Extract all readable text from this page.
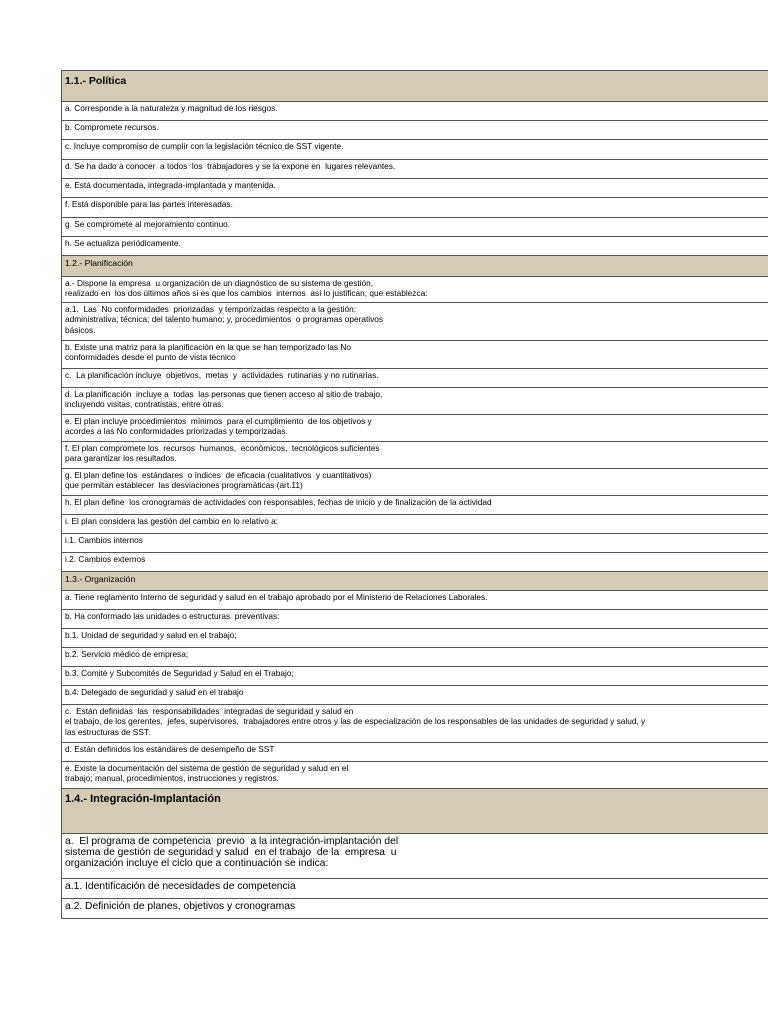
1.1.- Política
a. Corresponde a la naturaleza y magnitud de los riesgos.
b. Compromete recursos.
c. Incluye compromiso de cumplir con la legislación técnico de SST vigente.
d. Se ha dado a conocer  a todos  los  trabajadores y se la expone en  lugares relevantes.
e. Está documentada, integrada-implantada y mantenida.
f. Está disponible para las partes interesadas.
g. Se compromete al mejoramiento continuo.
h. Se actualiza periódicamente.
1.2.- Planificación
a.- Dispone la empresa  u organización de un diagnóstico de su sistema de gestión,
realizado en  los dos últimos años si es que los cambios  internos  así lo justifican, que establezca:
a.1.  Las  No conformidades  priorizadas  y temporizadas respecto a la gestión:
administrativa; técnica; del talento humano; y, procedimientos  o programas operativos
básicos.
b. Existe una matriz para la planificación en la que se han temporizado las No
conformidades desde el punto de vista técnico
c.  La planificación incluye  objetivos,  metas  y  actividades  rutinarias y no rutinarias.
d. La planificación  incluye a  todas  las personas que tienen acceso al sitio de trabajo,
incluyendo visitas, contratistas, entre otras.
e. El plan incluye procedimientos  mínimos  para el cumplimiento  de los objetivos y
acordes a las No conformidades priorizadas y temporizadas.
f. El plan compromete los  recursos  humanos,  económicos,  tecnológicos suficientes
para garantizar los resultados.
g. El plan define los  estándares  o índices  de eficacia (cualitativos  y cuantitativos)
que permitan establecer  las desviaciones programáticas (art.11)
h. El plan define  los cronogramas de actividades con responsables, fechas de inicio y de finalización de la actividad
i. El plan considera las gestión del cambio en lo relativo a:
i.1. Cambios internos
i.2. Cambios externos
1.3.- Organización
a. Tiene reglamento Interno de seguridad y salud en el trabajo aprobado por el Ministerio de Relaciones Laborales.
b. Ha conformado las unidades o estructuras  preventivas:
b.1. Unidad de seguridad y salud en el trabajo;
b.2. Servicio médico de empresa;
b.3. Comité y Subcomités de Seguridad y Salud en el Trabajo;
b.4. Delegado de seguridad y salud en el trabajo
c.  Están definidas  las  responsabilidades  integradas de seguridad y salud en
el trabajo, de los gerentes,  jefes, supervisores,  trabajadores entre otros y las de especialización de los responsables de las unidades de seguridad y salud, y
las estructuras de SST.
d. Están definidos los estándares de desempeño de SST
e. Existe la documentación del sistema de gestión de seguridad y salud en el
trabajo; manual, procedimientos, instrucciones y registros.
1.4.- Integración-Implantación
a.  El programa de competencia  previo  a la integración-implantación del
sistema de gestión de seguridad y salud  en el trabajo  de la  empresa  u
organización incluye el ciclo que a continuación se indica:
a.1. Identificación de necesidades de competencia
a.2. Definición de planes, objetivos y cronogramas
